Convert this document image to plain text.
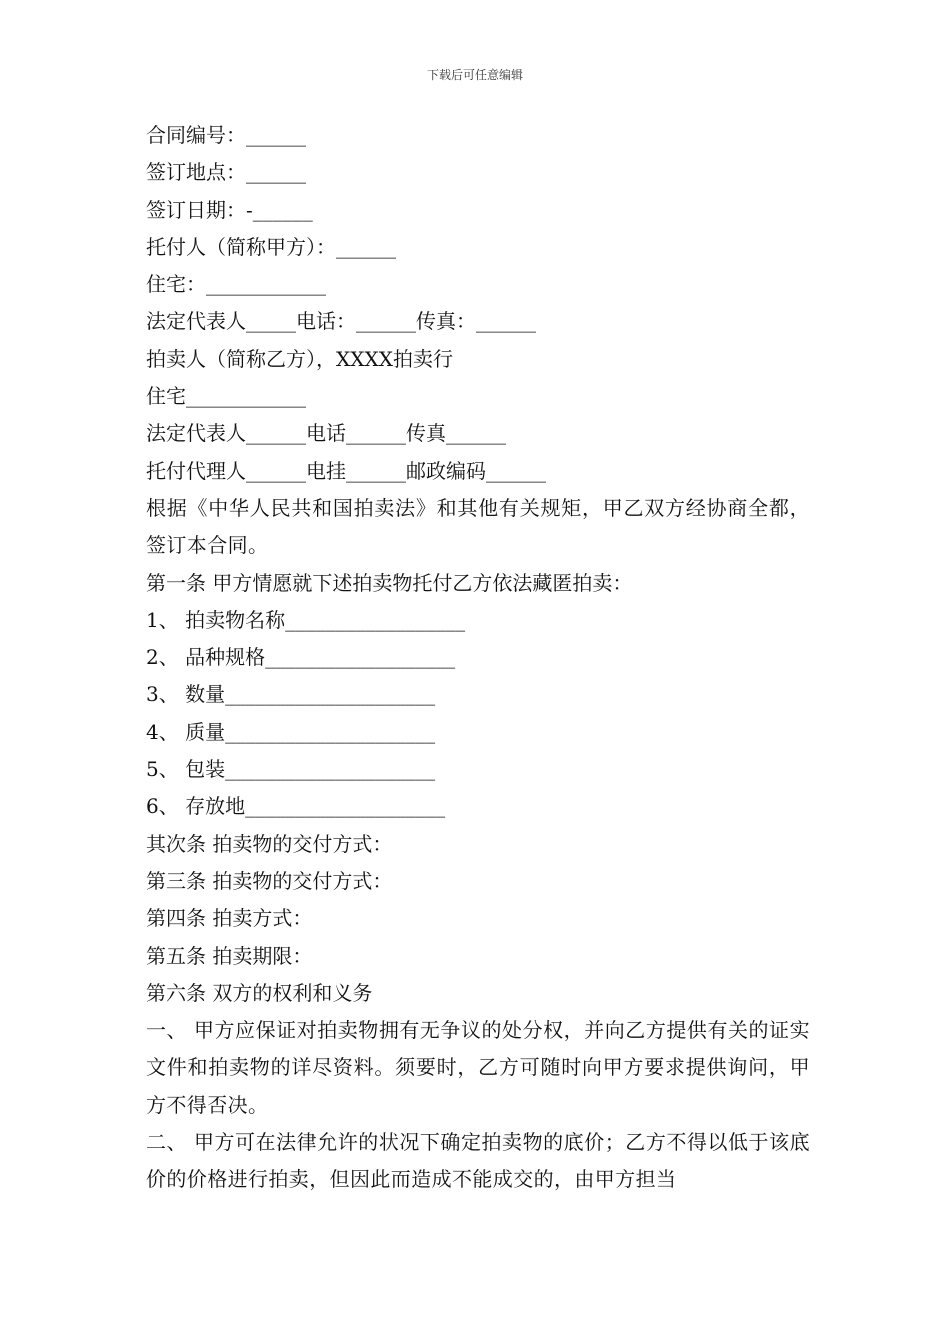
下载后可任意编辑
合同编号：______
签订地点：______
签订日期：-______
托付人（简称甲方）：______
住宅：____________
法定代表人_____电话：______传真：______
拍卖人（简称乙方），XXXX拍卖行
住宅____________
法定代表人______电话______传真______
托付代理人______电挂______邮政编码______
根据《中华人民共和国拍卖法》和其他有关规矩，甲乙双方经协商全都，签订本合同。
第一条 甲方情愿就下述拍卖物托付乙方依法藏匿拍卖：
1、 拍卖物名称__________________
2、 品种规格___________________
3、 数量_____________________
4、 质量_____________________
5、 包装_____________________
6、 存放地____________________
其次条 拍卖物的交付方式：
第三条 拍卖物的交付方式：
第四条 拍卖方式：
第五条 拍卖期限：
第六条 双方的权利和义务
一、 甲方应保证对拍卖物拥有无争议的处分权，并向乙方提供有关的证实文件和拍卖物的详尽资料。须要时，乙方可随时向甲方要求提供询问，甲方不得否决。
二、 甲方可在法律允许的状况下确定拍卖物的底价；乙方不得以低于该底价的价格进行拍卖，但因此而造成不能成交的，由甲方担当
